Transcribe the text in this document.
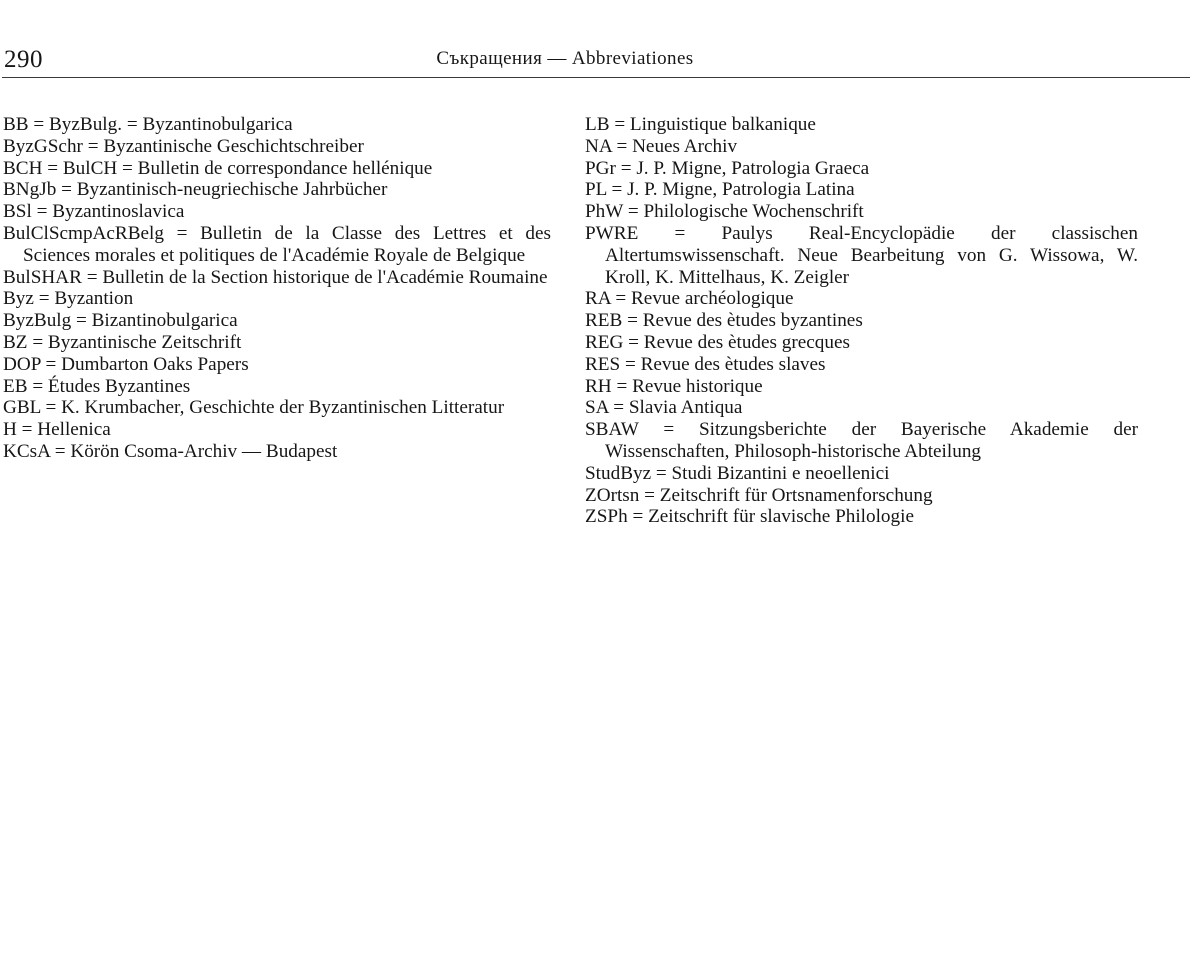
290	Съкращения — Abbreviationes
BB = ByzBulg. = Byzantinobulgarica
ByzGSchr = Byzantinische Geschichtschreiber
BCH = BulCH = Bulletin de correspondance hellénique
BNgJb = Byzantinisch-neugriechische Jahrbücher
BSl = Byzantinoslavica
BulClScmpAcRBelg = Bulletin de la Classe des Lettres et des Sciences morales et politiques de l'Académie Royale de Belgique
BulSHAR = Bulletin de la Section historique de l'Académie Roumaine
Byz = Byzantion
ByzBulg = Bizantinobulgarica
BZ = Byzantinische Zeitschrift
DOP = Dumbarton Oaks Papers
EB = Études Byzantines
GBL = K. Krumbacher, Geschichte der Byzantinischen Litteratur
H = Hellenica
KCsA = Körön Csoma-Archiv — Budapest
LB = Linguistique balkanique
NA = Neues Archiv
PGr = J. P. Migne, Patrologia Graeca
PL = J. P. Migne, Patrologia Latina
PhW = Philologische Wochenschrift
PWRE = Paulys Real-Encyclopädie der classischen Altertumswissenschaft. Neue Bearbeitung von G. Wissowa, W. Kroll, K. Mittelhaus, K. Zeigler
RA = Revue archéologique
REB = Revue des ètudes byzantines
REG = Revue des ètudes grecques
RES = Revue des ètudes slaves
RH = Revue historique
SA = Slavia Antiqua
SBAW = Sitzungsberichte der Bayerische Akademie der Wissenschaften, Philosoph-historische Abteilung
StudByz = Studi Bizantini e neoellenici
ZOrtsn = Zeitschrift für Ortsnamenforschung
ZSPh = Zeitschrift für slavische Philologie
